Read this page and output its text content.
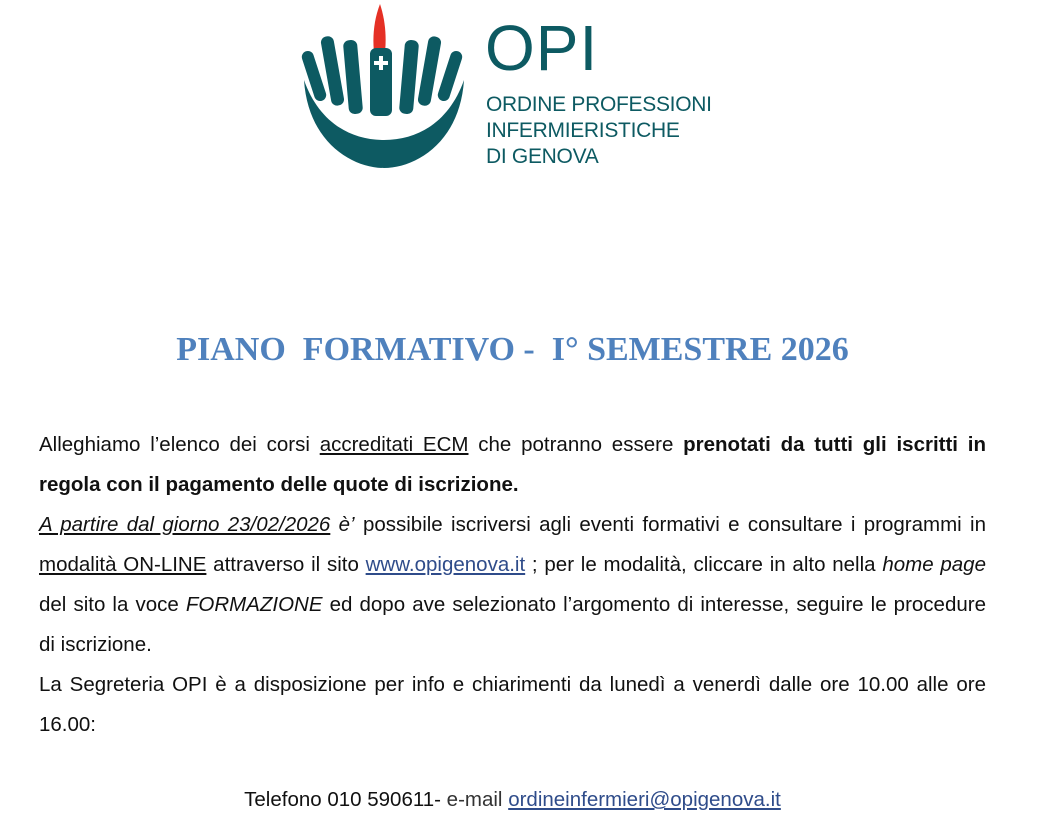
OPI
ORDINE PROFESSIONI
INFERMIERISTICHE
DI GENOVA
PIANO  FORMATIVO -  I° SEMESTRE 2026

Alleghiamo l’elenco dei corsi accreditati ECM che potranno essere prenotati da tutti gli iscritti in regola con il pagamento delle quote di iscrizione.

A partire dal giorno 23/02/2026 è’ possibile iscriversi agli eventi formativi e consultare i programmi in modalità ON-LINE attraverso il sito www.opigenova.it ; per le modalità, cliccare in alto nella home page del sito la voce FORMAZIONE ed dopo ave selezionato l’argomento di interesse, seguire le procedure di iscrizione.

La Segreteria OPI è a disposizione per info e chiarimenti da lunedì a venerdì dalle ore 10.00 alle ore 16.00:

Telefono 010 590611- e-mail ordineinfermieri@opigenova.it
